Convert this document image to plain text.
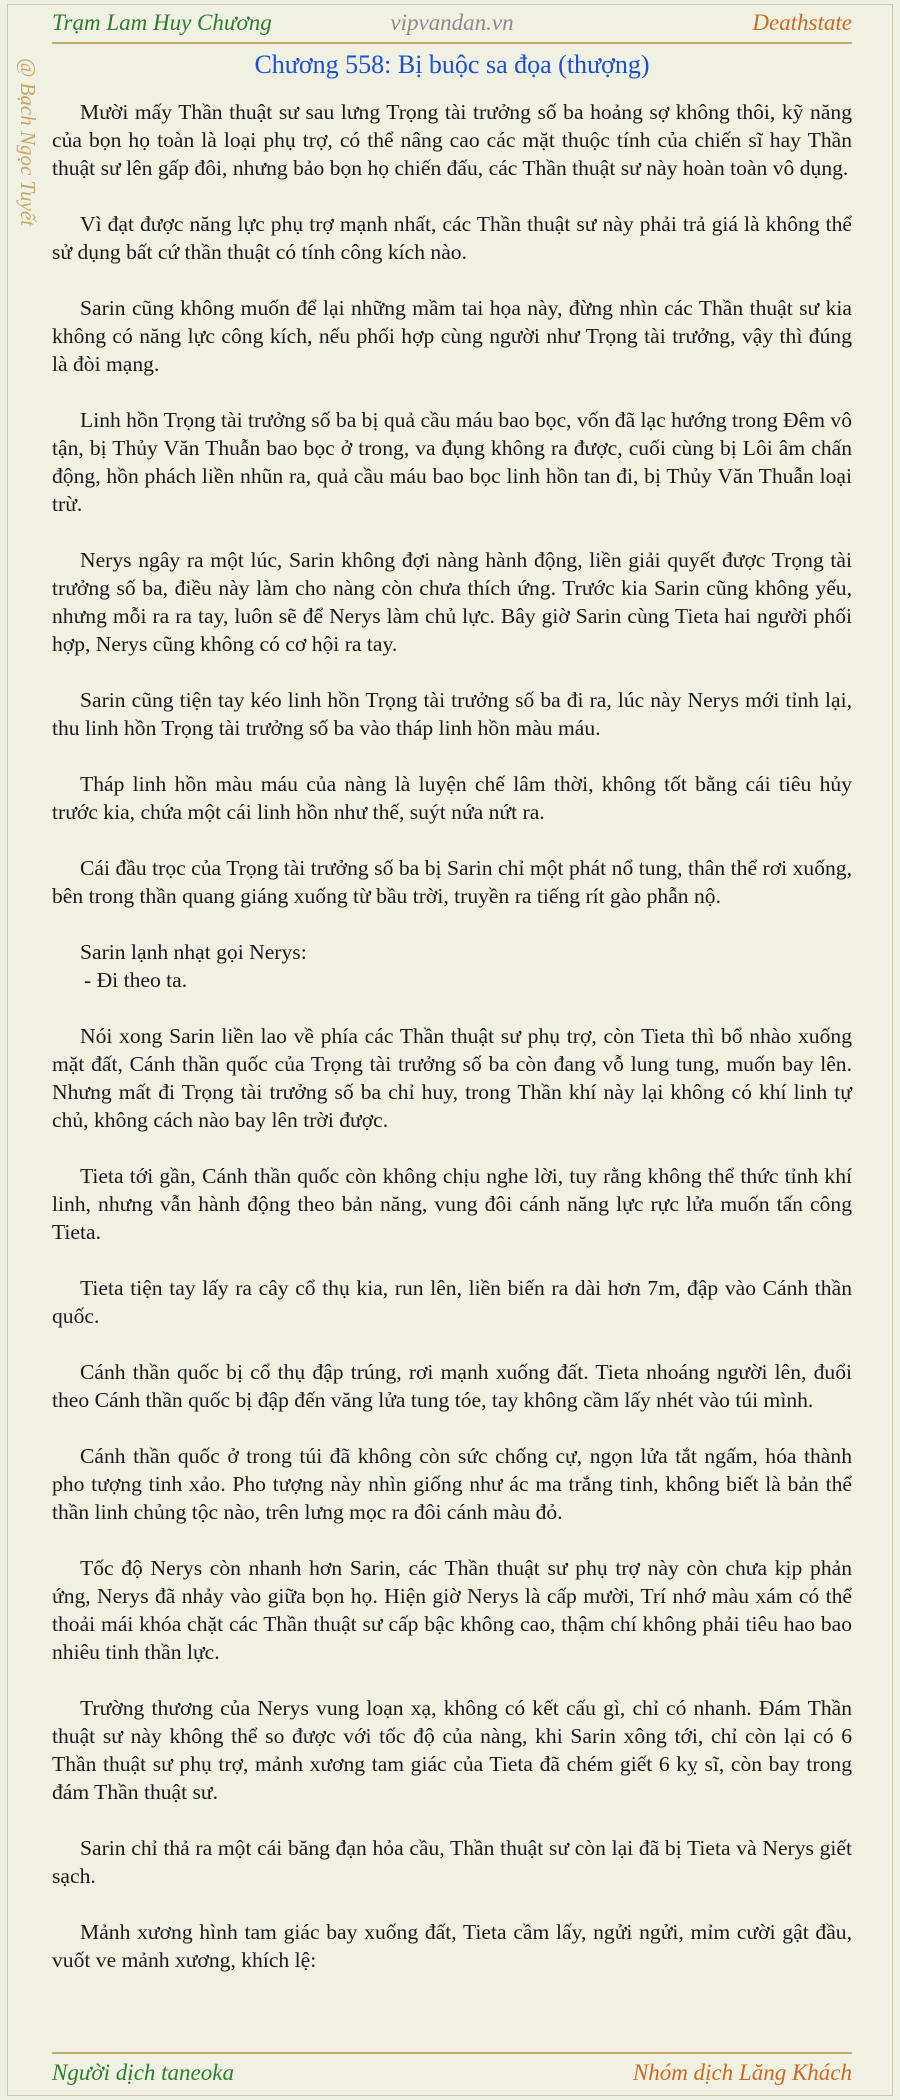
Trạm Lam Huy Chương	vipvandan.vn	Deathstate
@ Bạch Ngọc Tuyết	Chương 558: Bị buộc sa đọa (thượng)

Mười mấy Thần thuật sư sau lưng Trọng tài trưởng số ba hoảng sợ không thôi, kỹ năng của bọn họ toàn là loại phụ trợ, có thể nâng cao các mặt thuộc tính của chiến sĩ hay Thần thuật sư lên gấp đôi, nhưng bảo bọn họ chiến đấu, các Thần thuật sư này hoàn toàn vô dụng.

Vì đạt được năng lực phụ trợ mạnh nhất, các Thần thuật sư này phải trả giá là không thể sử dụng bất cứ thần thuật có tính công kích nào.

Sarin cũng không muốn để lại những mầm tai họa này, đừng nhìn các Thần thuật sư kia không có năng lực công kích, nếu phối hợp cùng người như Trọng tài trưởng, vậy thì đúng là đòi mạng.

Linh hồn Trọng tài trưởng số ba bị quả cầu máu bao bọc, vốn đã lạc hướng trong Đêm vô tận, bị Thủy Văn Thuẫn bao bọc ở trong, va đụng không ra được, cuối cùng bị Lôi âm chấn động, hồn phách liền nhũn ra, quả cầu máu bao bọc linh hồn tan đi, bị Thủy Văn Thuẫn loại trừ.

Nerys ngây ra một lúc, Sarin không đợi nàng hành động, liền giải quyết được Trọng tài trưởng số ba, điều này làm cho nàng còn chưa thích ứng. Trước kia Sarin cũng không yếu, nhưng mỗi ra ra tay, luôn sẽ để Nerys làm chủ lực. Bây giờ Sarin cùng Tieta hai người phối hợp, Nerys cũng không có cơ hội ra tay.

Sarin cũng tiện tay kéo linh hồn Trọng tài trưởng số ba đi ra, lúc này Nerys mới tỉnh lại, thu linh hồn Trọng tài trưởng số ba vào tháp linh hồn màu máu.

Tháp linh hồn màu máu của nàng là luyện chế lâm thời, không tốt bằng cái tiêu hủy trước kia, chứa một cái linh hồn như thế, suýt nứa nứt ra.

Cái đầu trọc của Trọng tài trưởng số ba bị Sarin chỉ một phát nổ tung, thân thể rơi xuống, bên trong thần quang giáng xuống từ bầu trời, truyền ra tiếng rít gào phẫn nộ.

Sarin lạnh nhạt gọi Nerys:

- Đi theo ta.

Nói xong Sarin liền lao về phía các Thần thuật sư phụ trợ, còn Tieta thì bổ nhào xuống mặt đất, Cánh thần quốc của Trọng tài trưởng số ba còn đang vỗ lung tung, muốn bay lên. Nhưng mất đi Trọng tài trưởng số ba chỉ huy, trong Thần khí này lại không có khí linh tự chủ, không cách nào bay lên trời được.

Tieta tới gần, Cánh thần quốc còn không chịu nghe lời, tuy rằng không thể thức tỉnh khí linh, nhưng vẫn hành động theo bản năng, vung đôi cánh năng lực rực lửa muốn tấn công Tieta.

Tieta tiện tay lấy ra cây cổ thụ kia, run lên, liền biến ra dài hơn 7m, đập vào Cánh thần quốc.

Cánh thần quốc bị cổ thụ đập trúng, rơi mạnh xuống đất. Tieta nhoáng người lên, đuổi theo Cánh thần quốc bị đập đến văng lửa tung tóe, tay không cầm lấy nhét vào túi mình.

Cánh thần quốc ở trong túi đã không còn sức chống cự, ngọn lửa tắt ngấm, hóa thành pho tượng tinh xảo. Pho tượng này nhìn giống như ác ma trắng tinh, không biết là bản thể thần linh chủng tộc nào, trên lưng mọc ra đôi cánh màu đỏ.

Tốc độ Nerys còn nhanh hơn Sarin, các Thần thuật sư phụ trợ này còn chưa kịp phản ứng, Nerys đã nhảy vào giữa bọn họ. Hiện giờ Nerys là cấp mười, Trí nhớ màu xám có thể thoải mái khóa chặt các Thần thuật sư cấp bậc không cao, thậm chí không phải tiêu hao bao nhiêu tinh thần lực.

Trường thương của Nerys vung loạn xạ, không có kết cấu gì, chỉ có nhanh. Đám Thần thuật sư này không thể so được với tốc độ của nàng, khi Sarin xông tới, chỉ còn lại có 6 Thần thuật sư phụ trợ, mảnh xương tam giác của Tieta đã chém giết 6 kỵ sĩ, còn bay trong đám Thần thuật sư.

Sarin chỉ thả ra một cái băng đạn hỏa cầu, Thần thuật sư còn lại đã bị Tieta và Nerys giết sạch.

Mảnh xương hình tam giác bay xuống đất, Tieta cầm lấy, ngửi ngửi, mỉm cười gật đầu, vuốt ve mảnh xương, khích lệ:

Người dịch taneoka	Nhóm dịch Lăng Khách
